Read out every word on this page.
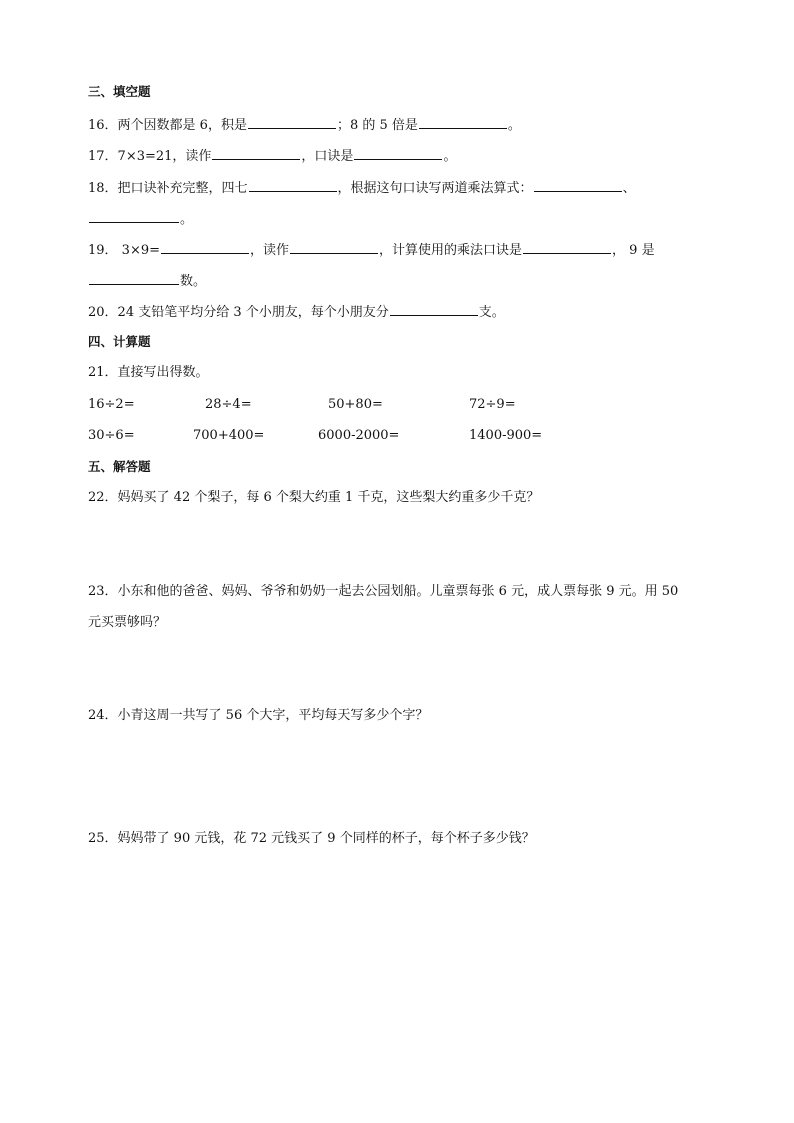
三、填空题
16．两个因数都是 6，积是	；8 的 5 倍是	。
17．7×3=21，读作	，口诀是	。
18．把口诀补充完整，四七	，根据这句口诀写两道乘法算式：	、
。
19． 3×9=	，读作	，计算使用的乘法口诀是	， 9 是
数。
20．24 支铅笔平均分给 3 个小朋友，每个小朋友分	支。
四、计算题
21．直接写出得数。
16÷2=	28÷4=	50+80=	72÷9=
30÷6=	700+400=	6000-2000=	1400-900=
五、解答题
22．妈妈买了 42 个梨子，每 6 个梨大约重 1 千克，这些梨大约重多少千克？
23．小东和他的爸爸、妈妈、爷爷和奶奶一起去公园划船。儿童票每张 6 元，成人票每张 9 元。用 50
元买票够吗？
24．小青这周一共写了 56 个大字，平均每天写多少个字？
25．妈妈带了 90 元钱，花 72 元钱买了 9 个同样的杯子，每个杯子多少钱？
